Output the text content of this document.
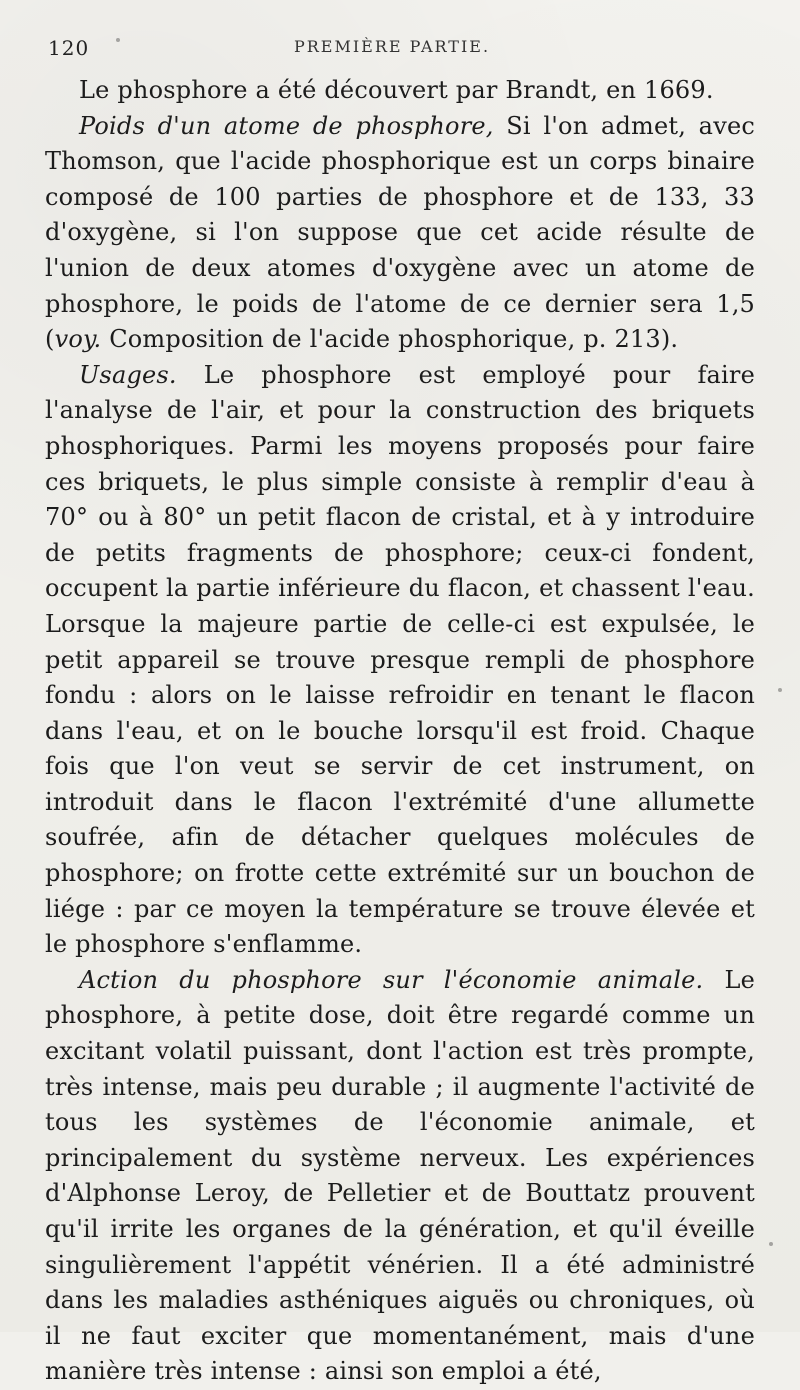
120	PREMIÈRE PARTIE.

Le phosphore a été découvert par Brandt, en 1669.

Poids d'un atome de phosphore, Si l'on admet, avec Thomson, que l'acide phosphorique est un corps binaire composé de 100 parties de phosphore et de 133, 33 d'oxygène, si l'on suppose que cet acide résulte de l'union de deux atomes d'oxygène avec un atome de phosphore, le poids de l'atome de ce dernier sera 1,5 (voy. Composition de l'acide phosphorique, p. 213).

Usages. Le phosphore est employé pour faire l'analyse de l'air, et pour la construction des briquets phosphoriques. Parmi les moyens proposés pour faire ces briquets, le plus simple consiste à remplir d'eau à 70° ou à 80° un petit flacon de cristal, et à y introduire de petits fragments de phosphore; ceux-ci fondent, occupent la partie inférieure du flacon, et chassent l'eau. Lorsque la majeure partie de celle-ci est expulsée, le petit appareil se trouve presque rempli de phosphore fondu : alors on le laisse refroidir en tenant le flacon dans l'eau, et on le bouche lorsqu'il est froid. Chaque fois que l'on veut se servir de cet instrument, on introduit dans le flacon l'extrémité d'une allumette soufrée, afin de détacher quelques molécules de phosphore; on frotte cette extrémité sur un bouchon de liége : par ce moyen la température se trouve élevée et le phosphore s'enflamme.

Action du phosphore sur l'économie animale. Le phosphore, à petite dose, doit être regardé comme un excitant volatil puissant, dont l'action est très prompte, très intense, mais peu durable ; il augmente l'activité de tous les systèmes de l'économie animale, et principalement du système nerveux. Les expériences d'Alphonse Leroy, de Pelletier et de Bouttatz prouvent qu'il irrite les organes de la génération, et qu'il éveille singulièrement l'appétit vénérien. Il a été administré dans les maladies asthéniques aiguës ou chroniques, où il ne faut exciter que momentanément, mais d'une manière très intense : ainsi son emploi a été,
